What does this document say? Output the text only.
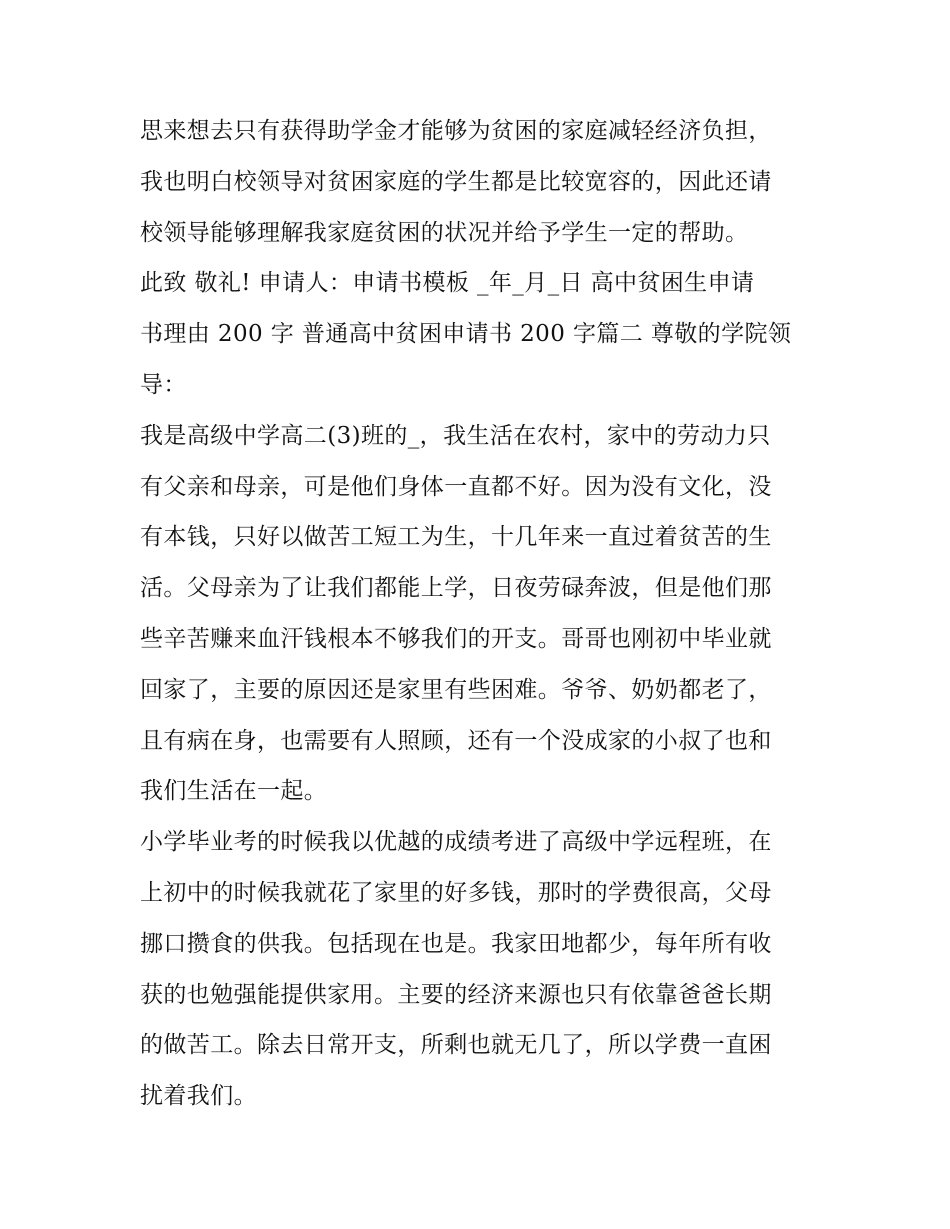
思来想去只有获得助学金才能够为贫困的家庭减轻经济负担，
我也明白校领导对贫困家庭的学生都是比较宽容的，因此还请
校领导能够理解我家庭贫困的状况并给予学生一定的帮助。
此致 敬礼! 申请人：申请书模板 _年_月_日 高中贫困生申请
书理由 200 字 普通高中贫困申请书 200 字篇二 尊敬的学院领
导：
我是高级中学高二(3)班的_，我生活在农村，家中的劳动力只
有父亲和母亲，可是他们身体一直都不好。因为没有文化，没
有本钱，只好以做苦工短工为生，十几年来一直过着贫苦的生
活。父母亲为了让我们都能上学，日夜劳碌奔波，但是他们那
些辛苦赚来血汗钱根本不够我们的开支。哥哥也刚初中毕业就
回家了，主要的原因还是家里有些困难。爷爷、奶奶都老了，
且有病在身，也需要有人照顾，还有一个没成家的小叔了也和
我们生活在一起。
小学毕业考的时候我以优越的成绩考进了高级中学远程班，在
上初中的时候我就花了家里的好多钱，那时的学费很高，父母
挪口攒食的供我。包括现在也是。我家田地都少，每年所有收
获的也勉强能提供家用。主要的经济来源也只有依靠爸爸长期
的做苦工。除去日常开支，所剩也就无几了，所以学费一直困
扰着我们。
